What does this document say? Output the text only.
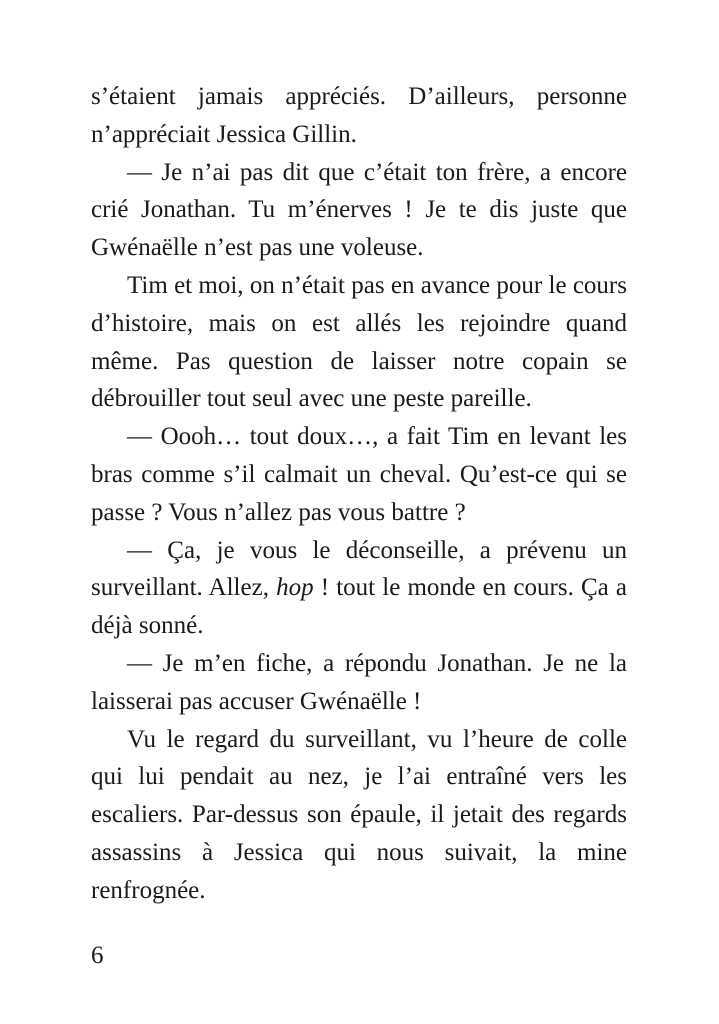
s’étaient jamais appréciés. D’ailleurs, personne n’appréciait Jessica Gillin.

— Je n’ai pas dit que c’était ton frère, a encore crié Jonathan. Tu m’énerves ! Je te dis juste que Gwénaëlle n’est pas une voleuse.

Tim et moi, on n’était pas en avance pour le cours d’histoire, mais on est allés les rejoindre quand même. Pas question de laisser notre copain se débrouiller tout seul avec une peste pareille.

— Oooh… tout doux…, a fait Tim en levant les bras comme s’il calmait un cheval. Qu’est-ce qui se passe ? Vous n’allez pas vous battre ?

— Ça, je vous le déconseille, a prévenu un surveillant. Allez, hop ! tout le monde en cours. Ça a déjà sonné.

— Je m’en fiche, a répondu Jonathan. Je ne la laisserai pas accuser Gwénaëlle !

Vu le regard du surveillant, vu l’heure de colle qui lui pendait au nez, je l’ai entraîné vers les escaliers. Par-dessus son épaule, il jetait des regards assassins à Jessica qui nous suivait, la mine renfrognée.

6
